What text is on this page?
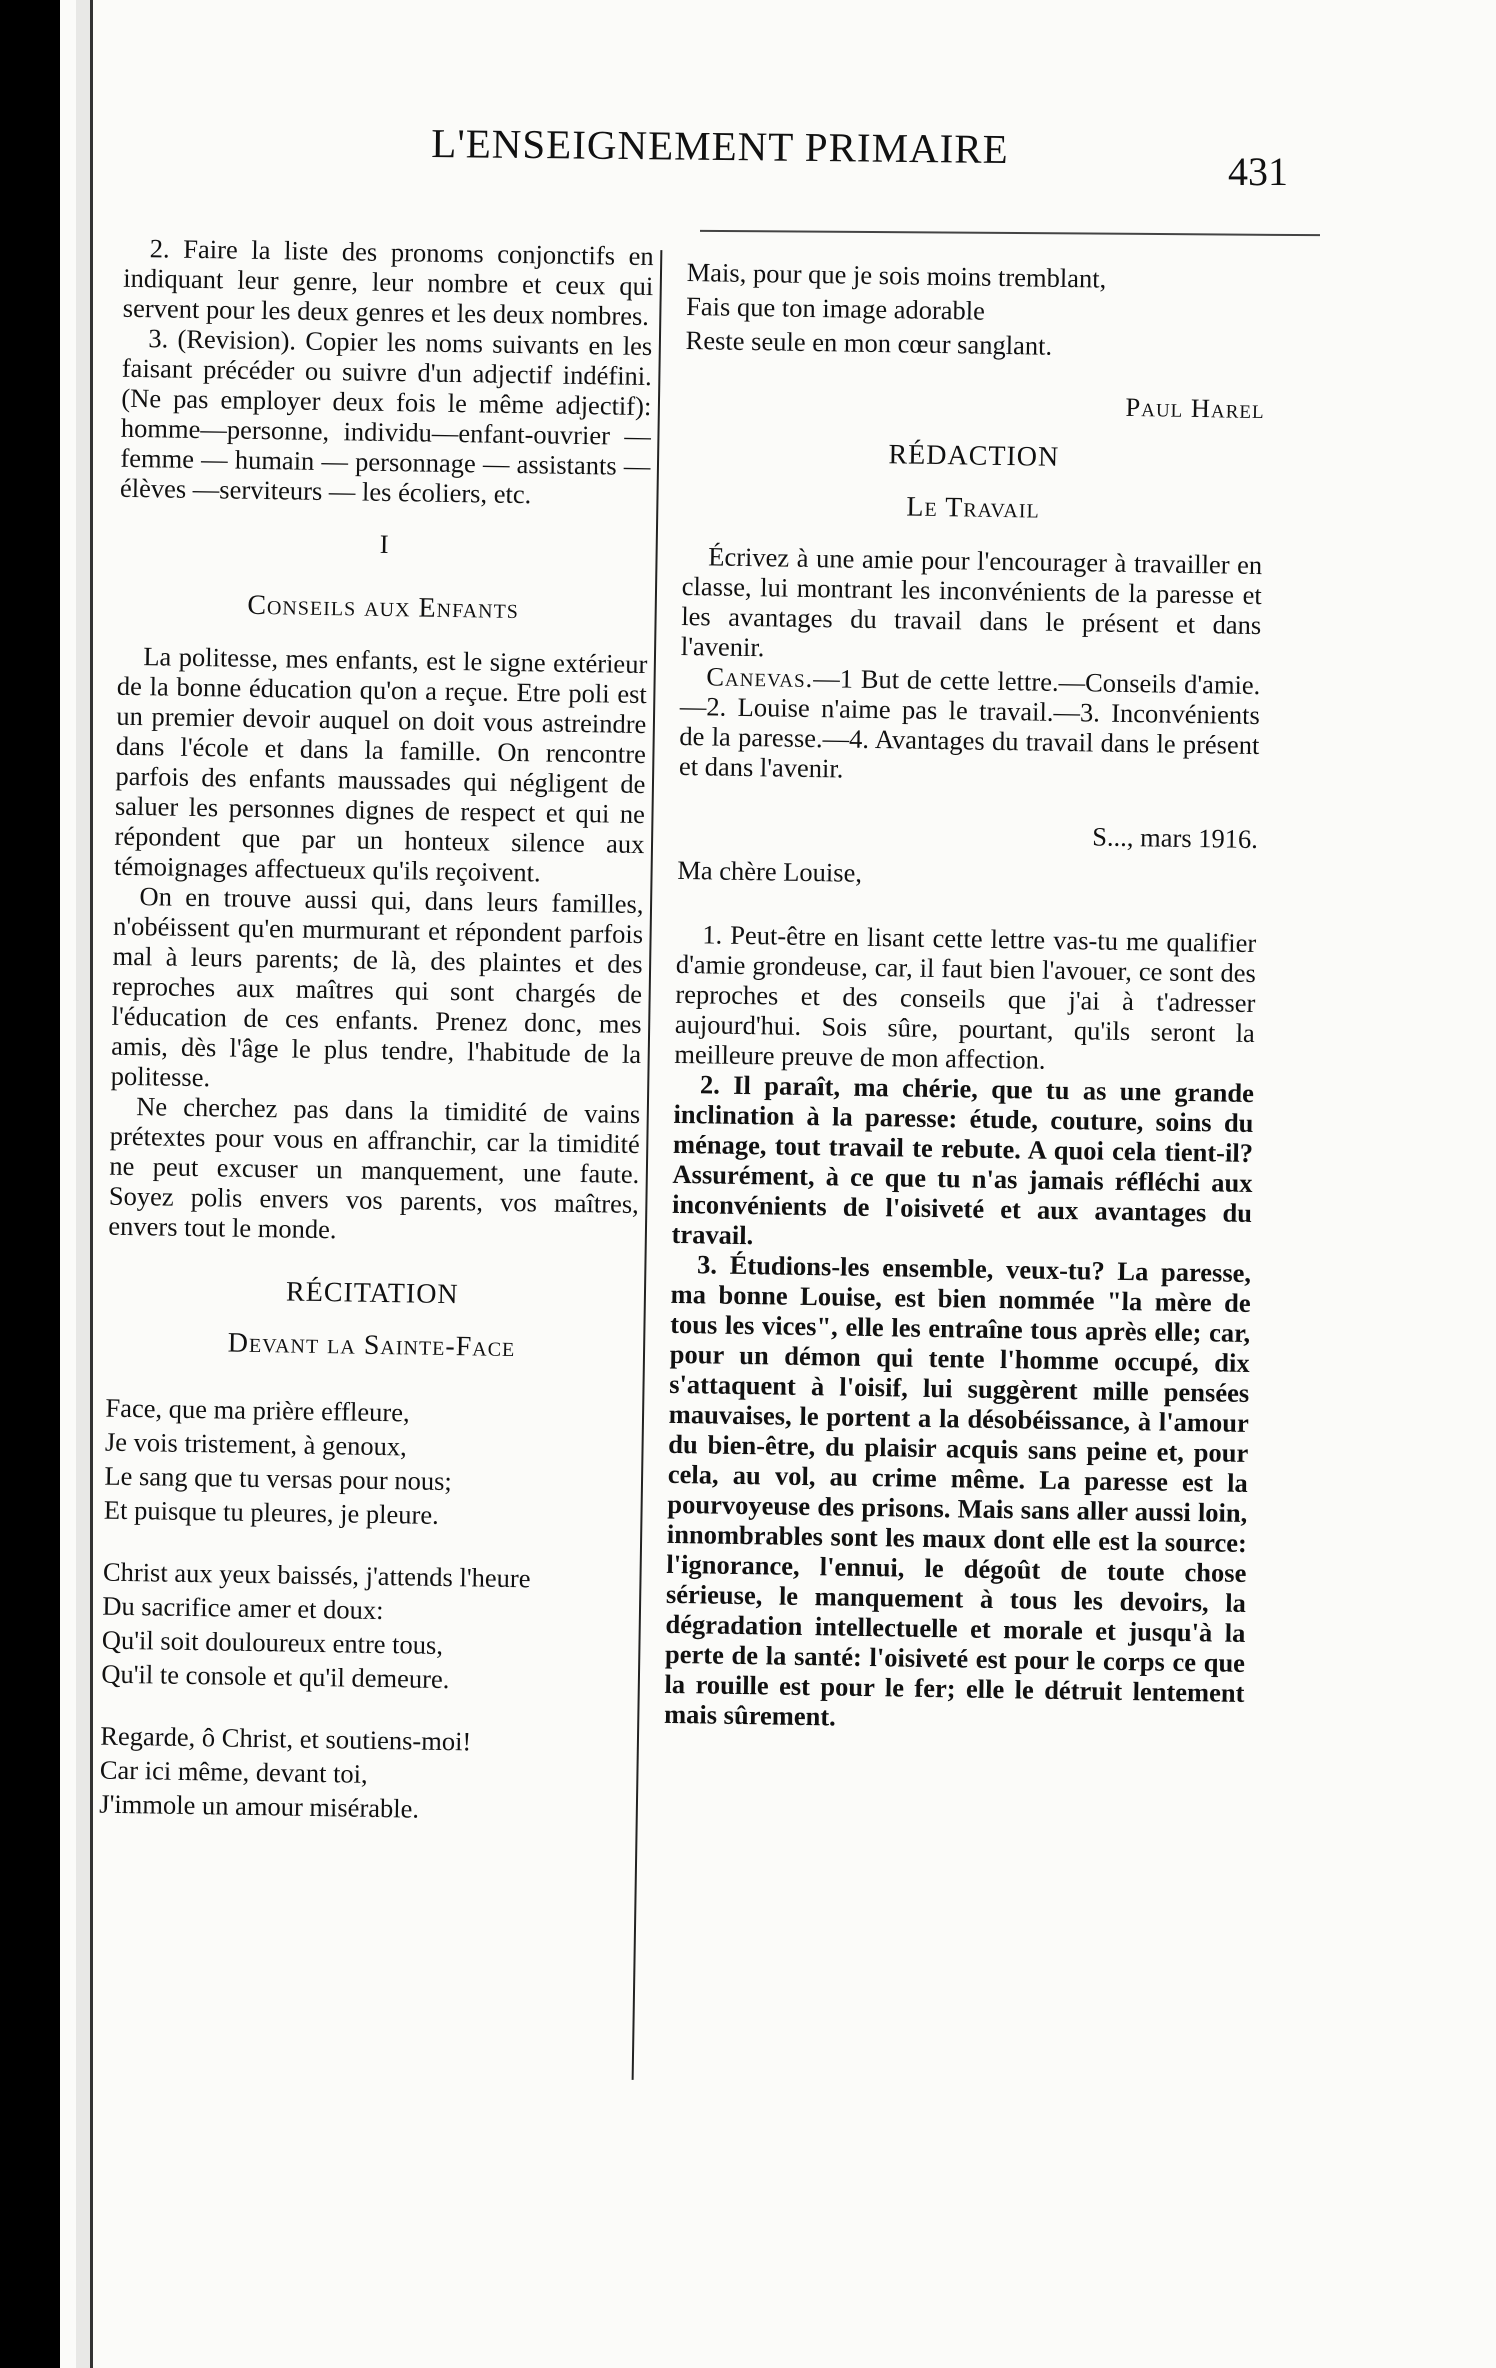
L'ENSEIGNEMENT PRIMAIRE	431

2. Faire la liste des pronoms conjonctifs en indiquant leur genre, leur nombre et ceux qui servent pour les deux genres et les deux nombres.

3. (Revision). Copier les noms suivants en les faisant précéder ou suivre d'un adjectif indéfini. (Ne pas employer deux fois le même adjectif): homme—personne, individu—enfant-ouvrier — femme — humain — personnage — assistants — élèves —serviteurs — les écoliers, etc.

I
Conseils aux Enfants

La politesse, mes enfants, est le signe extérieur de la bonne éducation qu'on a reçue. Etre poli est un premier devoir auquel on doit vous astreindre dans l'école et dans la famille. On rencontre parfois des enfants maussades qui négligent de saluer les personnes dignes de respect et qui ne répondent que par un honteux silence aux témoignages affectueux qu'ils reçoivent.

On en trouve aussi qui, dans leurs familles, n'obéissent qu'en murmurant et répondent parfois mal à leurs parents; de là, des plaintes et des reproches aux maîtres qui sont chargés de l'éducation de ces enfants. Prenez donc, mes amis, dès l'âge le plus tendre, l'habitude de la politesse.

Ne cherchez pas dans la timidité de vains prétextes pour vous en affranchir, car la timidité ne peut excuser un manquement, une faute. Soyez polis envers vos parents, vos maîtres, envers tout le monde.

RÉCITATION
Devant la Sainte-Face
Face, que ma prière effleure,
Je vois tristement, à genoux,
Le sang que tu versas pour nous;
Et puisque tu pleures, je pleure.
Christ aux yeux baissés, j'attends l'heure
Du sacrifice amer et doux:
Qu'il soit douloureux entre tous,
Qu'il te console et qu'il demeure.
Regarde, ô Christ, et soutiens-moi!
Car ici même, devant toi,
J'immole un amour misérable.
Mais, pour que je sois moins tremblant,
Fais que ton image adorable
Reste seule en mon cœur sanglant.
Paul Harel
RÉDACTION
Le Travail

Écrivez à une amie pour l'encourager à travailler en classe, lui montrant les inconvénients de la paresse et les avantages du travail dans le présent et dans l'avenir.

Canevas.—1 But de cette lettre.—Conseils d'amie.—2. Louise n'aime pas le travail.—3. Inconvénients de la paresse.—4. Avantages du travail dans le présent et dans l'avenir.

S..., mars 1916.
Ma chère Louise,

1. Peut-être en lisant cette lettre vas-tu me qualifier d'amie grondeuse, car, il faut bien l'avouer, ce sont des reproches et des conseils que j'ai à t'adresser aujourd'hui. Sois sûre, pourtant, qu'ils seront la meilleure preuve de mon affection.

2. Il paraît, ma chérie, que tu as une grande inclination à la paresse: étude, couture, soins du ménage, tout travail te rebute. A quoi cela tient-il? Assurément, à ce que tu n'as jamais réfléchi aux inconvénients de l'oisiveté et aux avantages du travail.

3. Étudions-les ensemble, veux-tu? La paresse, ma bonne Louise, est bien nommée "la mère de tous les vices", elle les entraîne tous après elle; car, pour un démon qui tente l'homme occupé, dix s'attaquent à l'oisif, lui suggèrent mille pensées mauvaises, le portent a la désobéissance, à l'amour du bien-être, du plaisir acquis sans peine et, pour cela, au vol, au crime même. La paresse est la pourvoyeuse des prisons. Mais sans aller aussi loin, innombrables sont les maux dont elle est la source: l'ignorance, l'ennui, le dégoût de toute chose sérieuse, le manquement à tous les devoirs, la dégradation intellectuelle et morale et jusqu'à la perte de la santé: l'oisiveté est pour le corps ce que la rouille est pour le fer; elle le détruit lentement mais sûrement.
